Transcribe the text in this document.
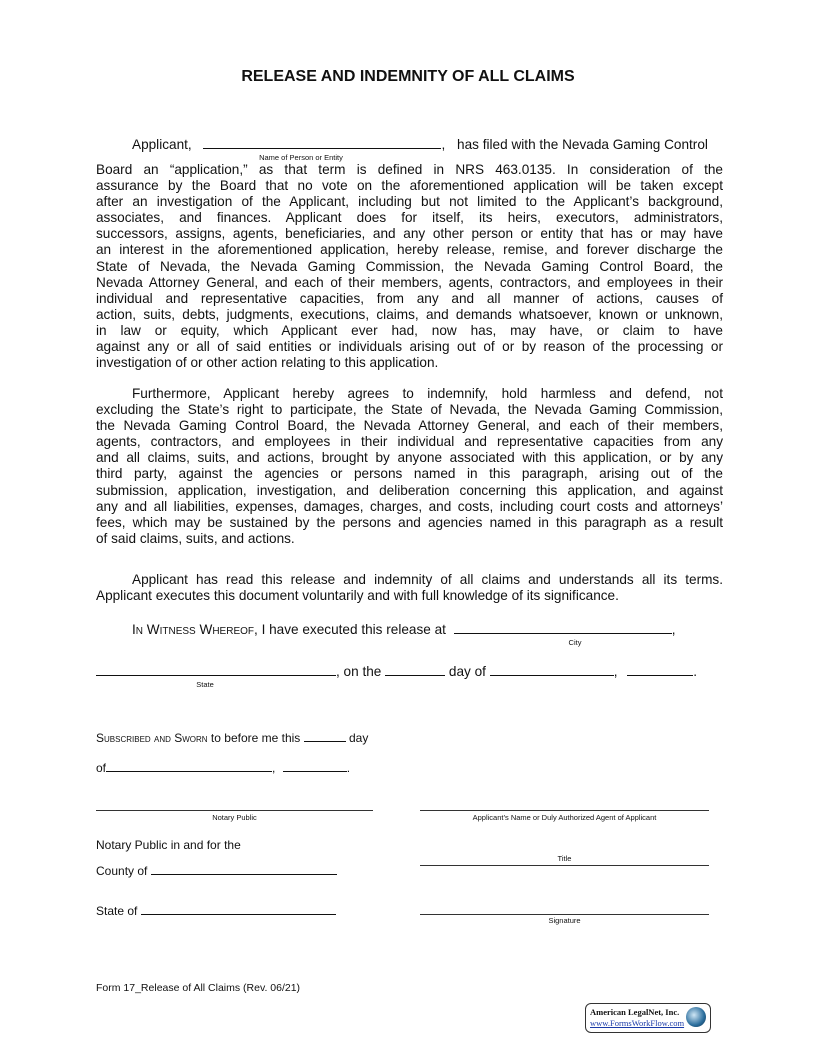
RELEASE AND INDEMNITY OF ALL CLAIMS
Applicant,	, has filed with the Nevada Gaming Control
Name of Person or Entity
Board an “application,” as that term is defined in NRS 463.0135. In consideration of the
assurance by the Board that no vote on the aforementioned application will be taken except
after an investigation of the Applicant, including but not limited to the Applicant’s background,
associates, and finances. Applicant does for itself, its heirs, executors, administrators,
successors, assigns, agents, beneficiaries, and any other person or entity that has or may have
an interest in the aforementioned application, hereby release, remise, and forever discharge the
State of Nevada, the Nevada Gaming Commission, the Nevada Gaming Control Board, the
Nevada Attorney General, and each of their members, agents, contractors, and employees in their
individual and representative capacities, from any and all manner of actions, causes of
action, suits, debts, judgments, executions, claims, and demands whatsoever, known or unknown,
in law or equity, which Applicant ever had, now has, may have, or claim to have
against any or all of said entities or individuals arising out of or by reason of the processing or
investigation of or other action relating to this application.
Furthermore, Applicant hereby agrees to indemnify, hold harmless and defend, not
excluding the State’s right to participate, the State of Nevada, the Nevada Gaming Commission,
the Nevada Gaming Control Board, the Nevada Attorney General, and each of their members,
agents, contractors, and employees in their individual and representative capacities from any
and all claims, suits, and actions, brought by anyone associated with this application, or by any
third party, against the agencies or persons named in this paragraph, arising out of the
submission, application, investigation, and deliberation concerning this application, and against
any and all liabilities, expenses, damages, charges, and costs, including court costs and attorneys’
fees, which may be sustained by the persons and agencies named in this paragraph as a result
of said claims, suits, and actions.
Applicant has read this release and indemnity of all claims and understands all its terms.
Applicant executes this document voluntarily and with full knowledge of its significance.
In Witness Whereof, I have executed this release at	,
City
, on the	day of	,	.
State
Subscribed and Sworn to before me this	day
of	,	.
Notary Public
Notary Public in and for the
County of
State of
Applicant’s Name or Duly Authorized Agent of Applicant
Title
Signature
Form 17_Release of All Claims (Rev. 06/21)
American LegalNet, Inc.
www.FormsWorkFlow.com
